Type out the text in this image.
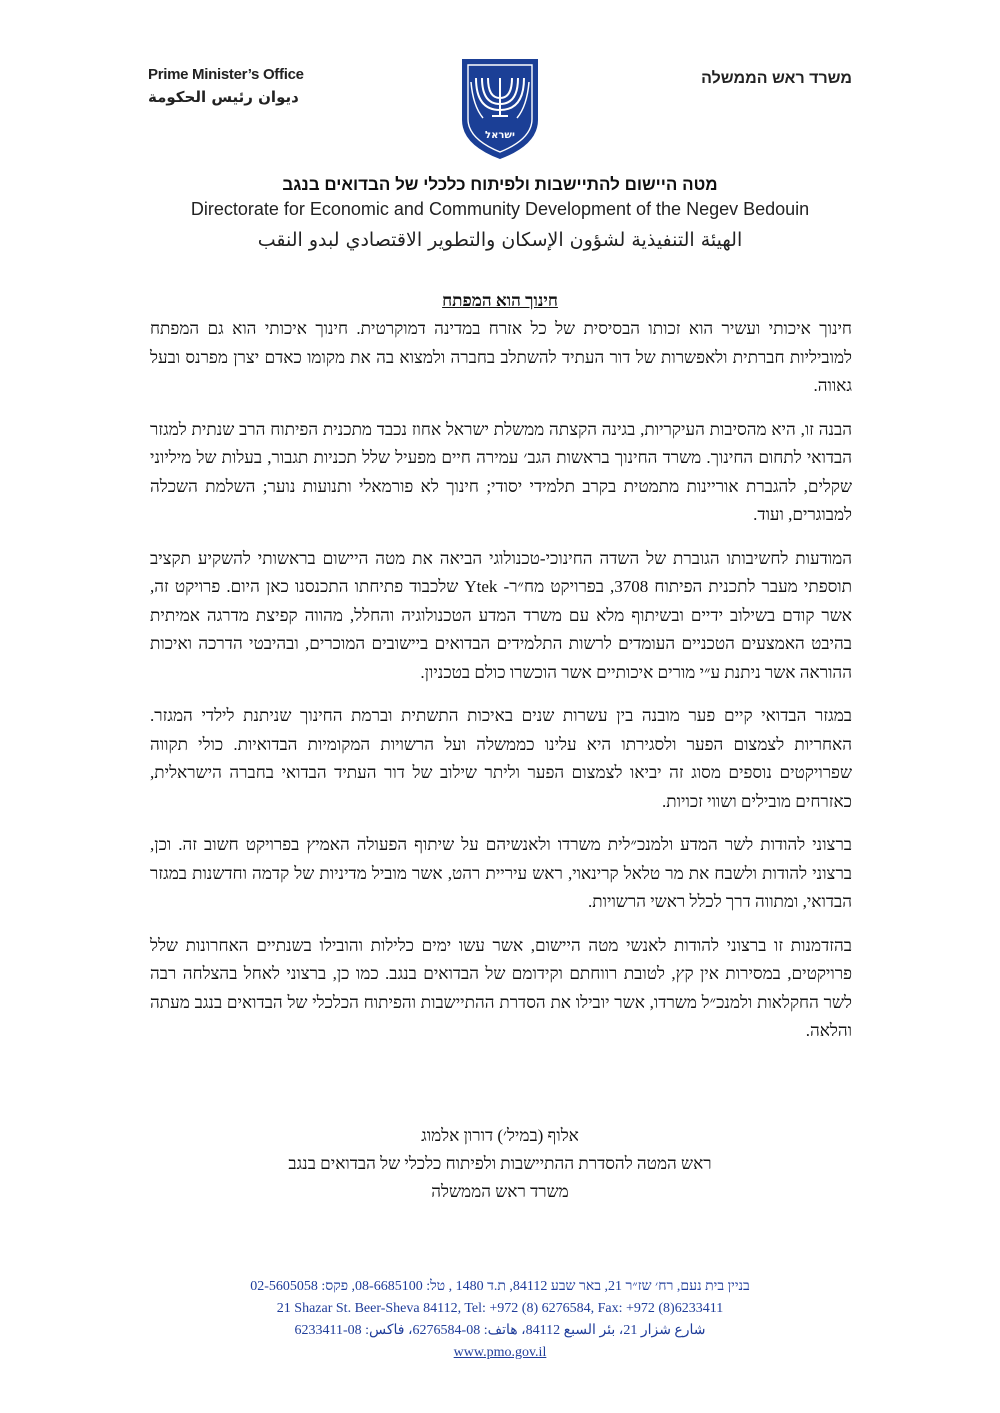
Prime Minister’s Office
ديوان رئيس الحكومة
משרד ראש הממשלה
ישראל
מטה היישום להתיישבות ולפיתוח כלכלי של הבדואים בנגב
Directorate for Economic and Community Development of the Negev Bedouin
الهيئة التنفيذية لشؤون الإسكان والتطوير الاقتصادي لبدو النقب
חינוך הוא המפתח

חינוך איכותי ועשיר הוא זכותו הבסיסית של כל אזרח במדינה דמוקרטית. חינוך איכותי הוא גם המפתח למוביליות חברתית ולאפשרות של דור העתיד להשתלב בחברה ולמצוא בה את מקומו כאדם יצרן מפרנס ובעל גאווה.

הבנה זו, היא מהסיבות העיקריות, בגינה הקצתה ממשלת ישראל אחוז נכבד מתכנית הפיתוח הרב שנתית למגזר הבדואי לתחום החינוך. משרד החינוך בראשות הגב׳ עמירה חיים מפעיל שלל תכניות תגבור, בעלות של מיליוני שקלים, להגברת אוריינות מתמטית בקרב תלמידי יסודי; חינוך לא פורמאלי ותנועות נוער; השלמת השכלה למבוגרים, ועוד.

המודעות לחשיבותו הגוברת של השדה החינוכי-טכנולוגי הביאה את מטה היישום בראשותי להשקיע תקציב תוספתי מעבר לתכנית הפיתוח 3708, בפרויקט מח״ר- Ytek שלכבוד פתיחתו התכנסנו כאן היום. פרויקט זה, אשר קודם בשילוב ידיים ובשיתוף מלא עם משרד המדע הטכנולוגיה והחלל, מהווה קפיצת מדרגה אמיתית בהיבט האמצעים הטכניים העומדים לרשות התלמידים הבדואים ביישובים המוכרים, ובהיבטי הדרכה ואיכות ההוראה אשר ניתנת ע״י מורים איכותיים אשר הוכשרו כולם בטכניון.

במגזר הבדואי קיים פער מובנה בין עשרות שנים באיכות התשתית וברמת החינוך שניתנת לילדי המגזר. האחריות לצמצום הפער ולסגירתו היא עלינו כממשלה ועל הרשויות המקומיות הבדואיות. כולי תקווה שפרויקטים נוספים מסוג זה יביאו לצמצום הפער וליתר שילוב של דור העתיד הבדואי בחברה הישראלית, כאזרחים מובילים ושווי זכויות.

ברצוני להודות לשר המדע ולמנכ״לית משרדו ולאנשיהם על שיתוף הפעולה האמיץ בפרויקט חשוב זה. וכן, ברצוני להודות ולשבח את מר טלאל קרינאוי, ראש עיריית רהט, אשר מוביל מדיניות של קדמה וחדשנות במגזר הבדואי, ומתווה דרך לכלל ראשי הרשויות.

בהזדמנות זו ברצוני להודות לאנשי מטה היישום, אשר עשו ימים כלילות והובילו בשנתיים האחרונות שלל פרויקטים, במסירות אין קץ, לטובת רווחתם וקידומם של הבדואים בנגב. כמו כן, ברצוני לאחל בהצלחה רבה לשר החקלאות ולמנכ״ל משרדו, אשר יובילו את הסדרת ההתיישבות והפיתוח הכלכלי של הבדואים בנגב מעתה והלאה.

אלוף (במיל׳) דורון אלמוג
ראש המטה להסדרת ההתיישבות ולפיתוח כלכלי של הבדואים בנגב
משרד ראש הממשלה
בניין בית נעם, רח׳ שז״ר 21, באר שבע 84112, ת.ד 1480 , טל: 08-6685100, פקס: 02-5605058
21 Shazar St. Beer-Sheva 84112, Tel: +972 (8) 6276584, Fax: +972 (8)6233411
شارع شزار 21، بئر السبع 84112، هاتف: 08-6276584، فاكس: 08-6233411
www.pmo.gov.il
